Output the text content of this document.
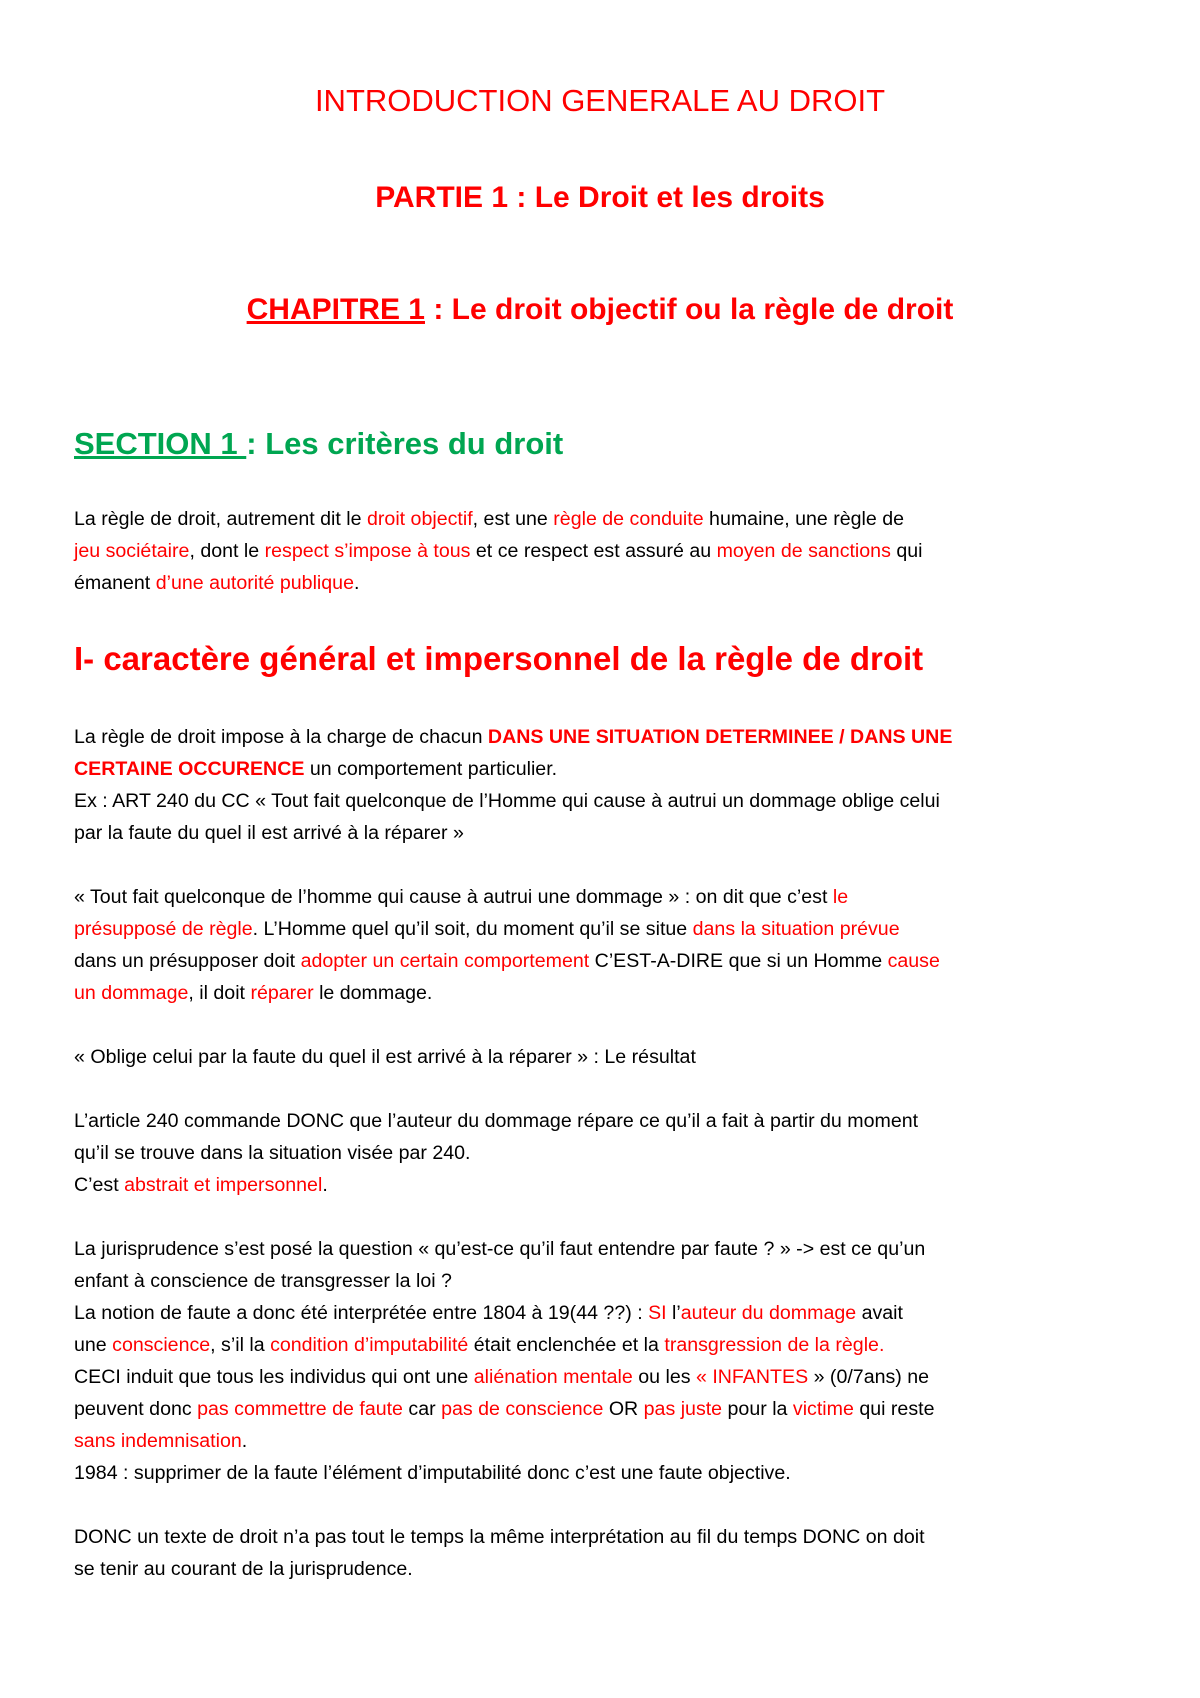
INTRODUCTION GENERALE AU DROIT
PARTIE 1 : Le Droit et les droits
CHAPITRE 1 : Le droit objectif ou la règle de droit
SECTION 1 : Les critères du droit
I- caractère général et impersonnel de la règle de droit
La règle de droit, autrement dit le droit objectif, est une règle de conduite humaine, une règle de
jeu sociétaire, dont le respect s’impose à tous et ce respect est assuré au moyen de sanctions qui
émanent d’une autorité publique.
La règle de droit impose à la charge de chacun DANS UNE SITUATION DETERMINEE / DANS UNE
CERTAINE OCCURENCE un comportement particulier.
Ex : ART 240 du CC « Tout fait quelconque de l’Homme qui cause à autrui un dommage oblige celui
par la faute du quel il est arrivé à la réparer »
« Tout fait quelconque de l’homme qui cause à autrui une dommage » : on dit que c’est le
présupposé de règle. L’Homme quel qu’il soit, du moment qu’il se situe dans la situation prévue
dans un présupposer doit adopter un certain comportement C’EST-A-DIRE que si un Homme cause
un dommage, il doit réparer le dommage.
« Oblige celui par la faute du quel il est arrivé à la réparer » : Le résultat
L’article 240 commande DONC que l’auteur du dommage répare ce qu’il a fait à partir du moment
qu’il se trouve dans la situation visée par 240.
C’est abstrait et impersonnel.
La jurisprudence s’est posé la question « qu’est-ce qu’il faut entendre par faute ? » -> est ce qu’un
enfant à conscience de transgresser la loi ?
La notion de faute a donc été interprétée entre 1804 à 19(44 ??) : SI l’auteur du dommage avait
une conscience, s’il la condition d’imputabilité était enclenchée et la transgression de la règle.
CECI induit que tous les individus qui ont une aliénation mentale ou les « INFANTES » (0/7ans) ne
peuvent donc pas commettre de faute car pas de conscience OR pas juste pour la victime qui reste
sans indemnisation.
1984 : supprimer de la faute l’élément d’imputabilité donc c’est une faute objective.
DONC un texte de droit n’a pas tout le temps la même interprétation au fil du temps DONC on doit
se tenir au courant de la jurisprudence.
